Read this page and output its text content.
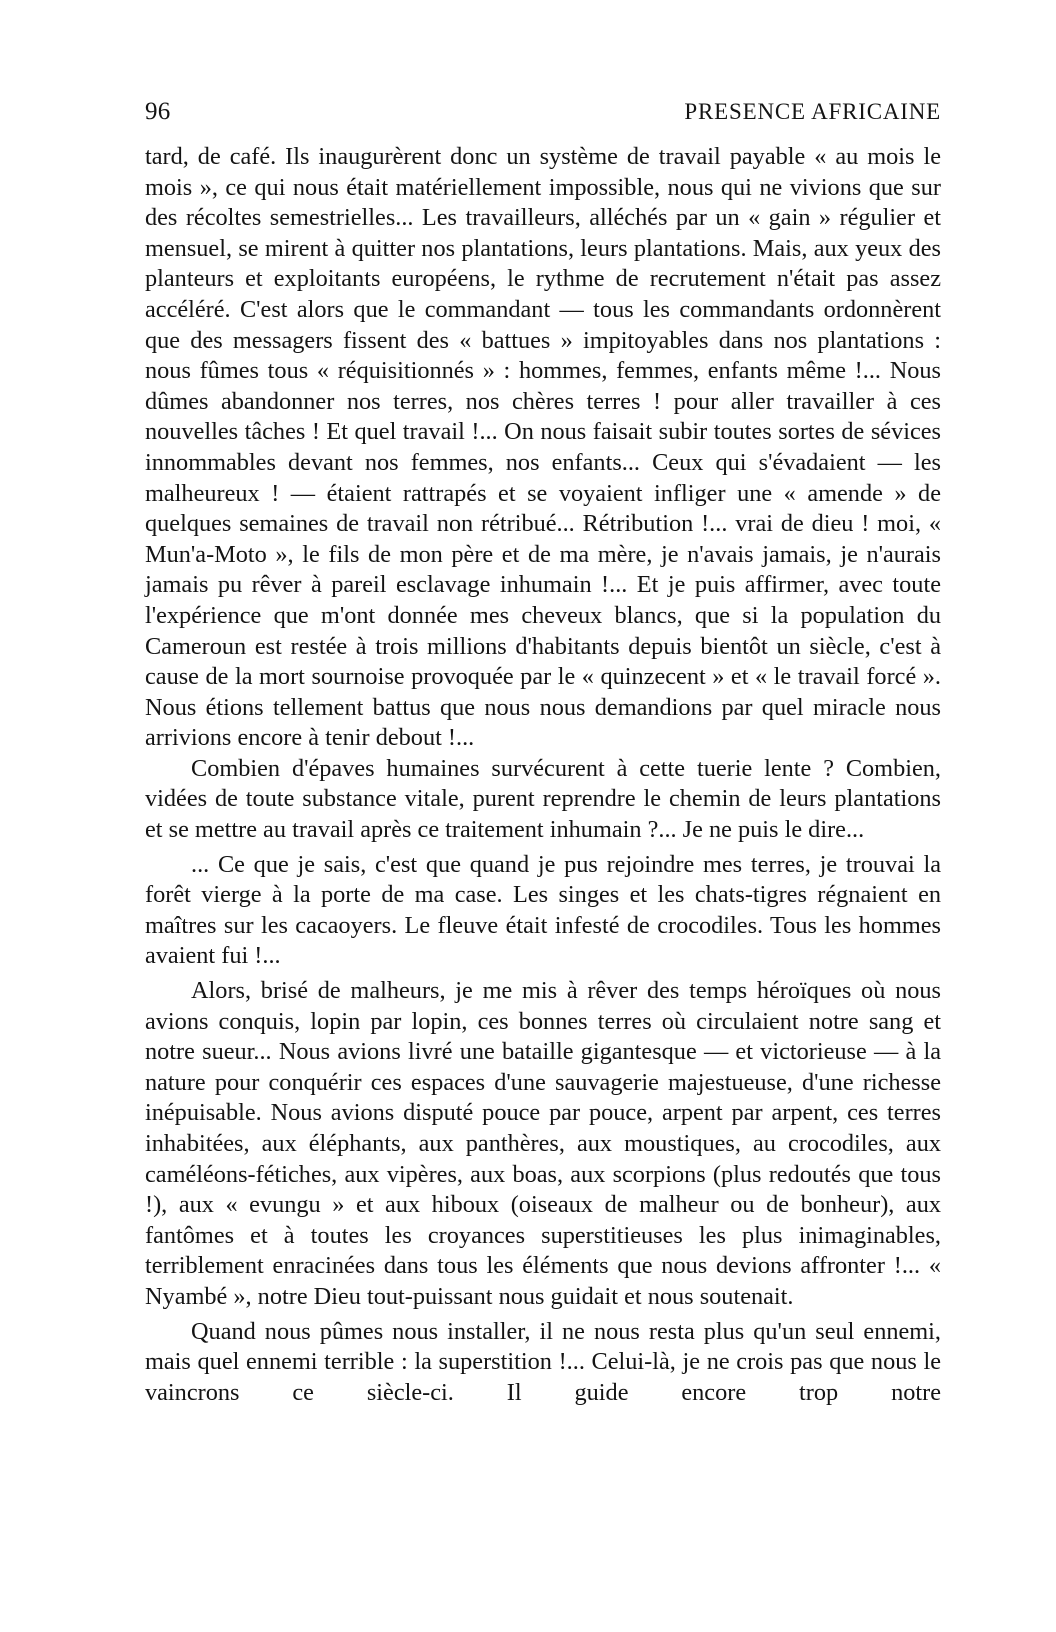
96	PRESENCE AFRICAINE

tard, de café. Ils inaugurèrent donc un système de travail payable « au mois le mois », ce qui nous était matériellement impossible, nous qui ne vivions que sur des récoltes semestrielles... Les travailleurs, alléchés par un « gain » régulier et mensuel, se mirent à quitter nos plantations, leurs plantations. Mais, aux yeux des planteurs et exploitants européens, le rythme de recrutement n'était pas assez accéléré. C'est alors que le commandant — tous les commandants ordonnèrent que des messagers fissent des « battues » impitoyables dans nos plantations : nous fûmes tous « réquisitionnés » : hommes, femmes, enfants même !... Nous dûmes abandonner nos terres, nos chères terres ! pour aller travailler à ces nouvelles tâches ! Et quel travail !... On nous faisait subir toutes sortes de sévices innommables devant nos femmes, nos enfants... Ceux qui s'évadaient — les malheureux ! — étaient rattrapés et se voyaient infliger une « amende » de quelques semaines de travail non rétribué... Rétribution !... vrai de dieu ! moi, « Mun'a-Moto », le fils de mon père et de ma mère, je n'avais jamais, je n'aurais jamais pu rêver à pareil esclavage inhumain !... Et je puis affirmer, avec toute l'expérience que m'ont donnée mes cheveux blancs, que si la population du Cameroun est restée à trois millions d'habitants depuis bientôt un siècle, c'est à cause de la mort sournoise provoquée par le « quinzecent » et « le travail forcé ». Nous étions tellement battus que nous nous demandions par quel miracle nous arrivions encore à tenir debout !...

Combien d'épaves humaines survécurent à cette tuerie lente ? Combien, vidées de toute substance vitale, purent reprendre le chemin de leurs plantations et se mettre au travail après ce traitement inhumain ?... Je ne puis le dire...

... Ce que je sais, c'est que quand je pus rejoindre mes terres, je trouvai la forêt vierge à la porte de ma case. Les singes et les chats-tigres régnaient en maîtres sur les cacaoyers. Le fleuve était infesté de crocodiles. Tous les hommes avaient fui !...

Alors, brisé de malheurs, je me mis à rêver des temps héroïques où nous avions conquis, lopin par lopin, ces bonnes terres où circulaient notre sang et notre sueur... Nous avions livré une bataille gigantesque — et victorieuse — à la nature pour conquérir ces espaces d'une sauvagerie majestueuse, d'une richesse inépuisable. Nous avions disputé pouce par pouce, arpent par arpent, ces terres inhabitées, aux éléphants, aux panthères, aux moustiques, au crocodiles, aux caméléons-fétiches, aux vipères, aux boas, aux scorpions (plus redoutés que tous !), aux « evungu » et aux hiboux (oiseaux de malheur ou de bonheur), aux fantômes et à toutes les croyances superstitieuses les plus inimaginables, terriblement enracinées dans tous les éléments que nous devions affronter !... « Nyambé », notre Dieu tout-puissant nous guidait et nous soutenait.

Quand nous pûmes nous installer, il ne nous resta plus qu'un seul ennemi, mais quel ennemi terrible : la superstition !... Celui-là, je ne crois pas que nous le vaincrons ce siècle-ci. Il guide encore trop notre
